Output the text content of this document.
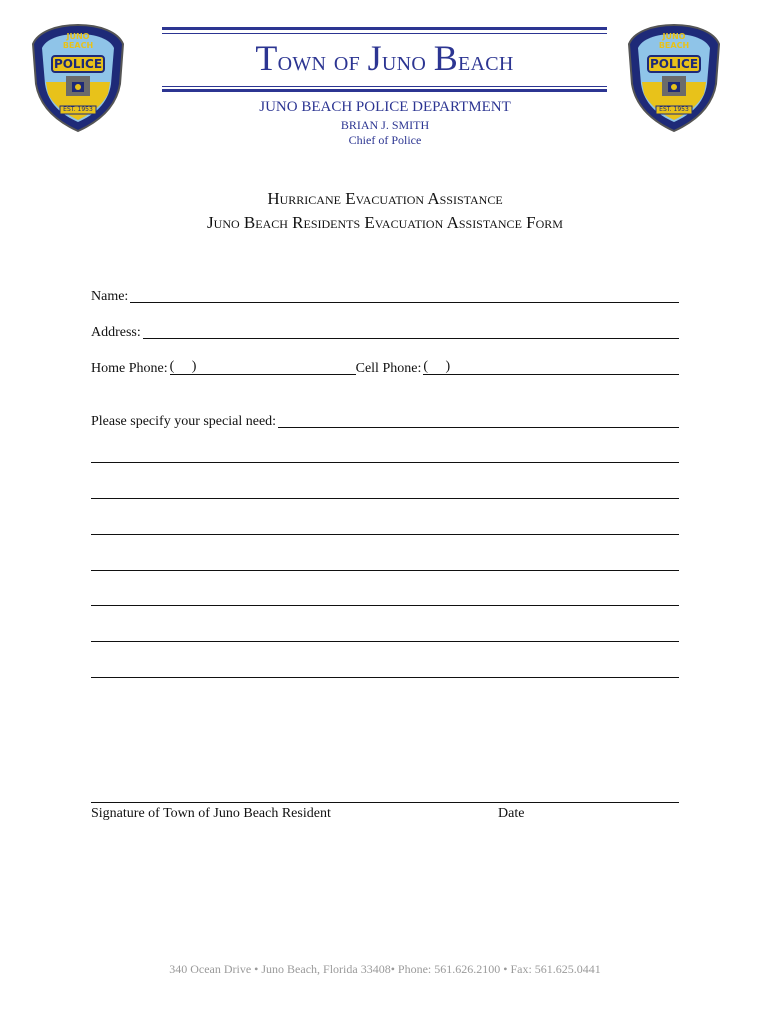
JUNO BEACH
POLICE
EST. 1953
JUNO BEACH
POLICE
EST. 1953
Town of Juno Beach
JUNO BEACH POLICE DEPARTMENT
BRIAN J. SMITH
Chief of Police
Hurricane Evacuation Assistance
Juno Beach Residents Evacuation Assistance Form
Name:
Address:
Home Phone: (     )	Cell Phone: (     )
Please specify your special need:
Signature of Town of Juno Beach Resident	Date
340 Ocean Drive • Juno Beach, Florida 33408• Phone: 561.626.2100 • Fax: 561.625.0441
